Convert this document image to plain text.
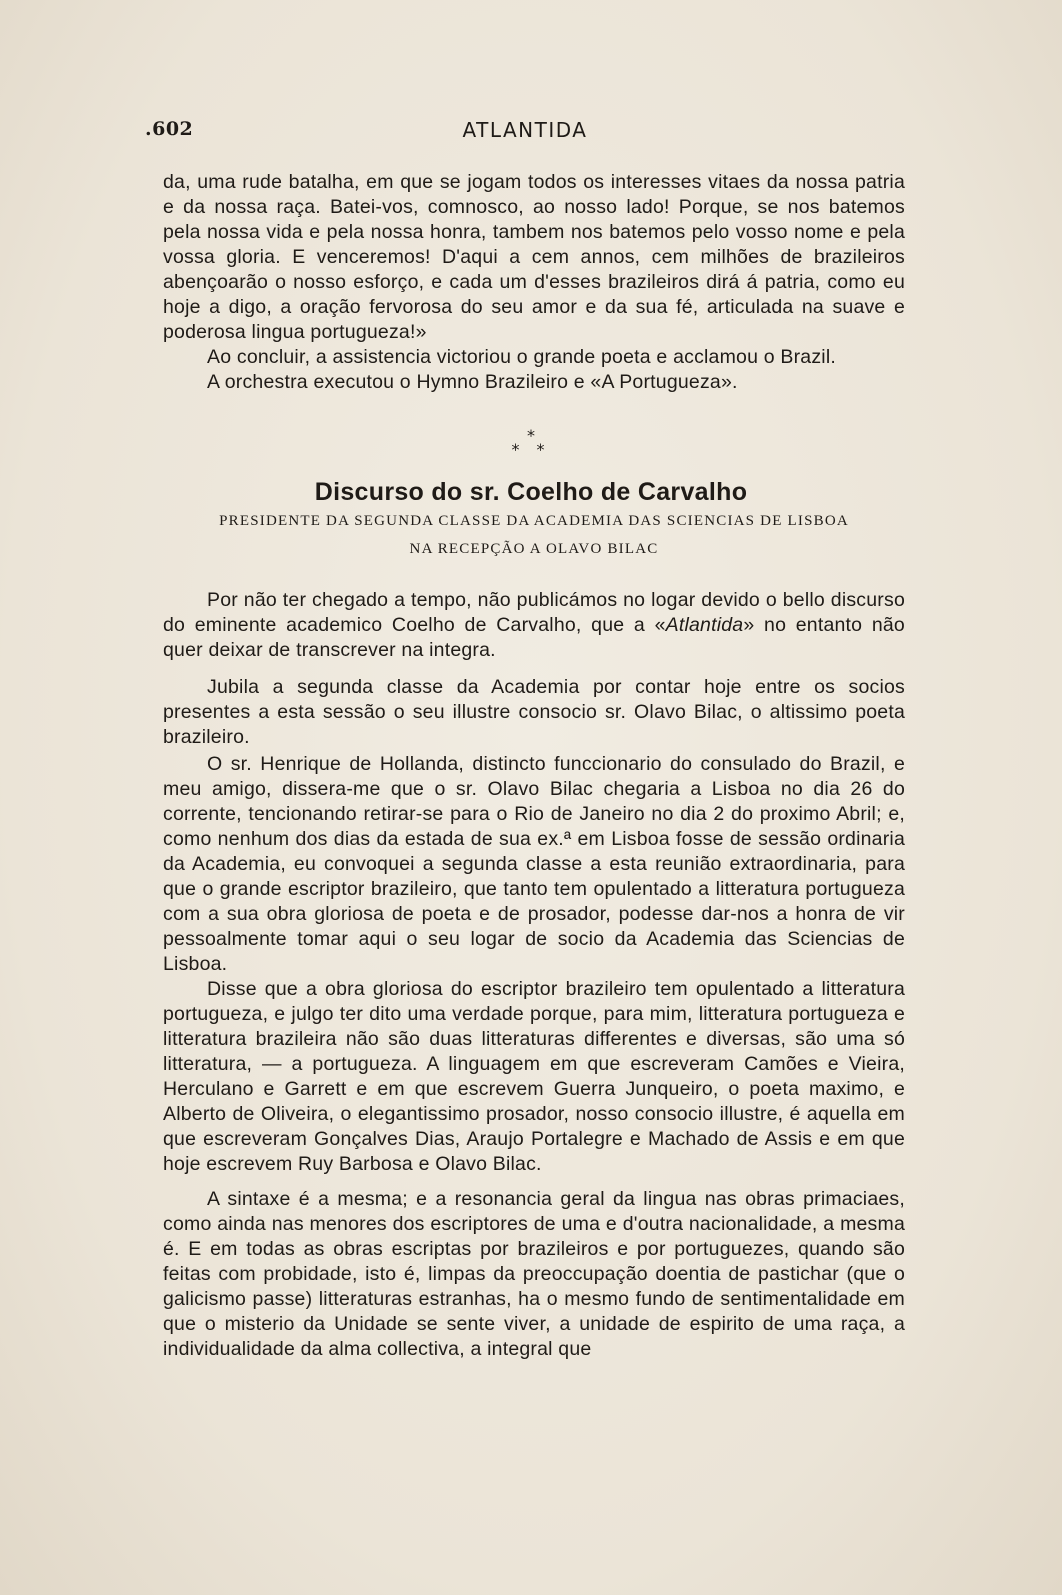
.602	ATLANTIDA

da, uma rude batalha, em que se jogam todos os interesses vitaes da nossa patria e da nossa raça. Batei-vos, comnosco, ao nosso lado! Porque, se nos batemos pela nossa vida e pela nossa honra, tambem nos batemos pelo vosso nome e pela vossa gloria. E venceremos! D'aqui a cem annos, cem milhões de brazileiros abençoarão o nosso esforço, e cada um d'esses brazileiros dirá á patria, como eu hoje a digo, a oração fervorosa do seu amor e da sua fé, articulada na suave e poderosa lingua portugueza!»

Ao concluir, a assistencia victoriou o grande poeta e acclamou o Brazil.

A orchestra executou o Hymno Brazileiro e «A Portugueza».

*
* *
Discurso do sr. Coelho de Carvalho
PRESIDENTE DA SEGUNDA CLASSE DA ACADEMIA DAS SCIENCIAS DE LISBOA
NA RECEPÇÃO A OLAVO BILAC

Por não ter chegado a tempo, não publicámos no logar devido o bello discurso do eminente academico Coelho de Carvalho, que a «Atlantida» no entanto não quer deixar de transcrever na integra.

Jubila a segunda classe da Academia por contar hoje entre os socios presentes a esta sessão o seu illustre consocio sr. Olavo Bilac, o altissimo poeta brazileiro.

O sr. Henrique de Hollanda, distincto funccionario do consulado do Brazil, e meu amigo, dissera-me que o sr. Olavo Bilac chegaria a Lisboa no dia 26 do corrente, tencionando retirar-se para o Rio de Janeiro no dia 2 do proximo Abril; e, como nenhum dos dias da estada de sua ex.ª em Lisboa fosse de sessão ordinaria da Academia, eu convoquei a segunda classe a esta reunião extraordinaria, para que o grande escriptor brazileiro, que tanto tem opulentado a litteratura portugueza com a sua obra gloriosa de poeta e de prosador, podesse dar-nos a honra de vir pessoalmente tomar aqui o seu logar de socio da Academia das Sciencias de Lisboa.

Disse que a obra gloriosa do escriptor brazileiro tem opulentado a litteratura portugueza, e julgo ter dito uma verdade porque, para mim, litteratura portugueza e litteratura brazileira não são duas litteraturas differentes e diversas, são uma só litteratura, — a portugueza. A linguagem em que escreveram Camões e Vieira, Herculano e Garrett e em que escrevem Guerra Junqueiro, o poeta maximo, e Alberto de Oliveira, o elegantissimo prosador, nosso consocio illustre, é aquella em que escreveram Gonçalves Dias, Araujo Portalegre e Machado de Assis e em que hoje escrevem Ruy Barbosa e Olavo Bilac.

A sintaxe é a mesma; e a resonancia geral da lingua nas obras primaciaes, como ainda nas menores dos escriptores de uma e d'outra nacionalidade, a mesma é. E em todas as obras escriptas por brazileiros e por portuguezes, quando são feitas com probidade, isto é, limpas da preoccupação doentia de pastichar (que o galicismo passe) litteraturas estranhas, ha o mesmo fundo de sentimentalidade em que o misterio da Unidade se sente viver, a unidade de espirito de uma raça, a individualidade da alma collectiva, a integral que
